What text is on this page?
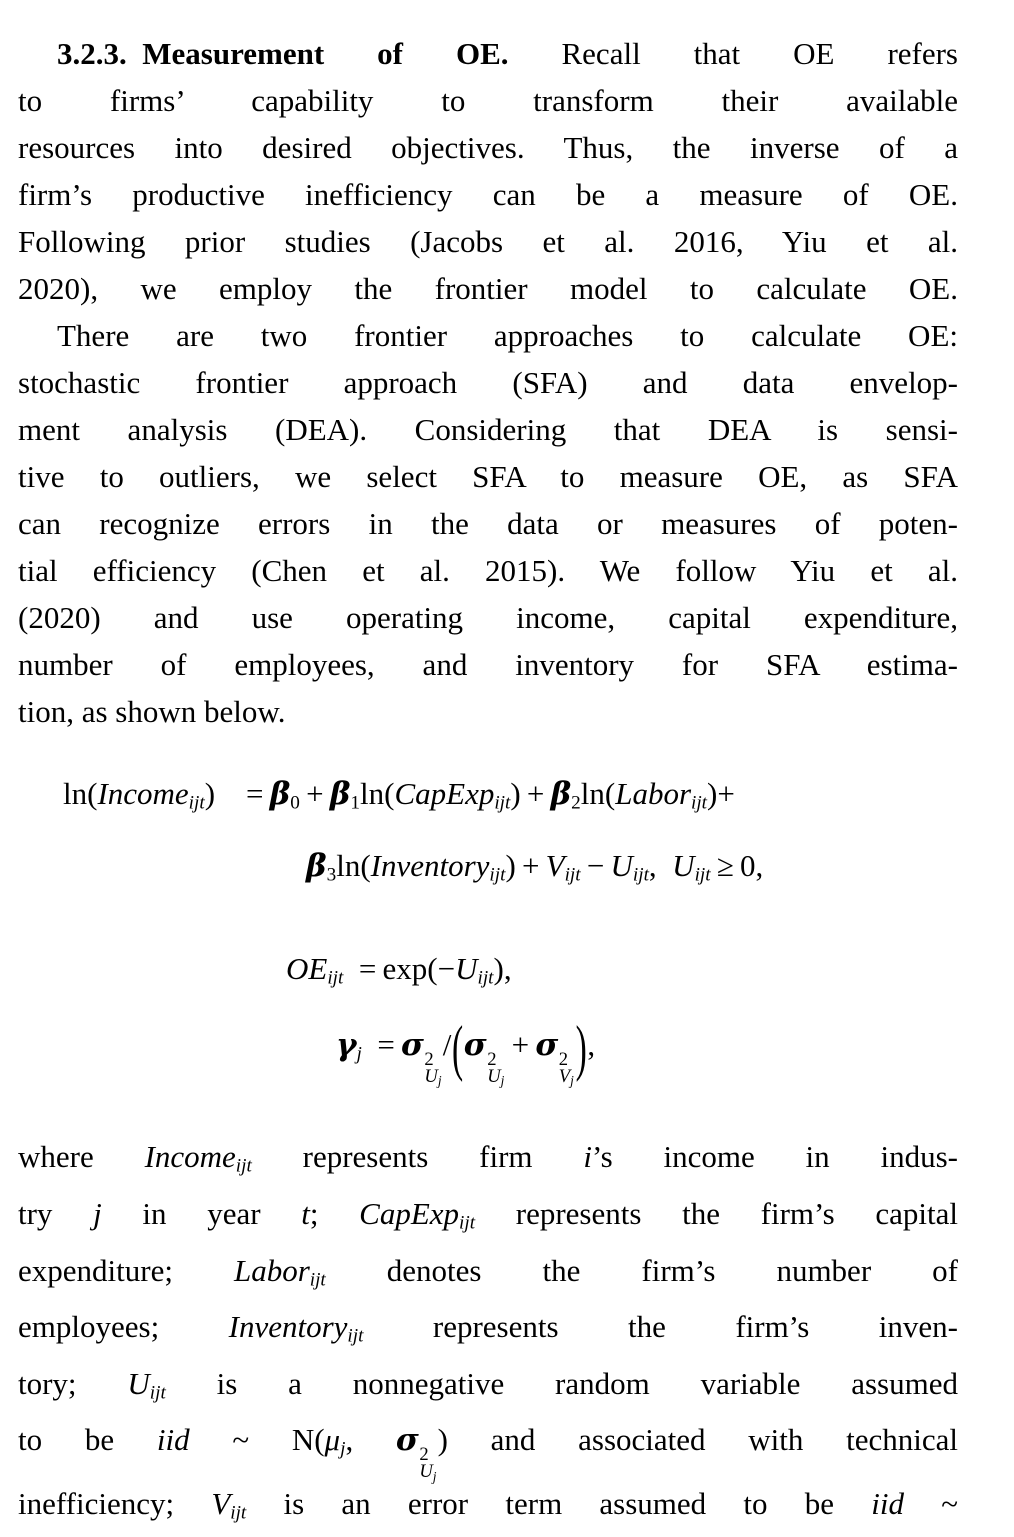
3.2.3. Measurement of OE. Recall that OE refers
to firms’ capability to transform their available
resources into desired objectives. Thus, the inverse of a
firm’s productive inefficiency can be a measure of OE.
Following prior studies (Jacobs et al. 2016, Yiu et al.
2020), we employ the frontier model to calculate OE.
There are two frontier approaches to calculate OE:
stochastic frontier approach (SFA) and data envelop-
ment analysis (DEA). Considering that DEA is sensi-
tive to outliers, we select SFA to measure OE, as SFA
can recognize errors in the data or measures of poten-
tial efficiency (Chen et al. 2015). We follow Yiu et al.
(2020) and use operating income, capital expenditure,
number of employees, and inventory for SFA estima-
tion, as shown below.
ln(Income$_{ijt}$)  = $\beta_0$ + $\beta_1\ln(CapExp_{ijt})$ + $\beta_2\ln(Labor_{ijt})+$
$\beta_3\ln(Inventory_{ijt}) + V_{ijt} - U_{ijt}$, $U_{ijt} \ge 0$,
$OE_{ijt}$ = $\exp(-U_{ijt})$,
$\gamma_j$ = σ 2
$U_j$
/(σ 2
$U_j$
 + σ 2
$V_j$ ),
where Income$_{ijt}$ represents firm i’s income in indus-
try j in year t; CapExp$_{ijt}$ represents the firm’s capital
expenditure; Labor$_{ijt}$ denotes the firm’s number of
employees; Inventory$_{ijt}$ represents the firm’s inven-
tory; $U_{ijt}$ is a nonnegative random variable assumed
to be iid ~ $N(\mu_j$, σ 2
$U_j$
) and associated with technical
inefficiency; $V_{ijt}$ is an error term assumed to be iid ~
